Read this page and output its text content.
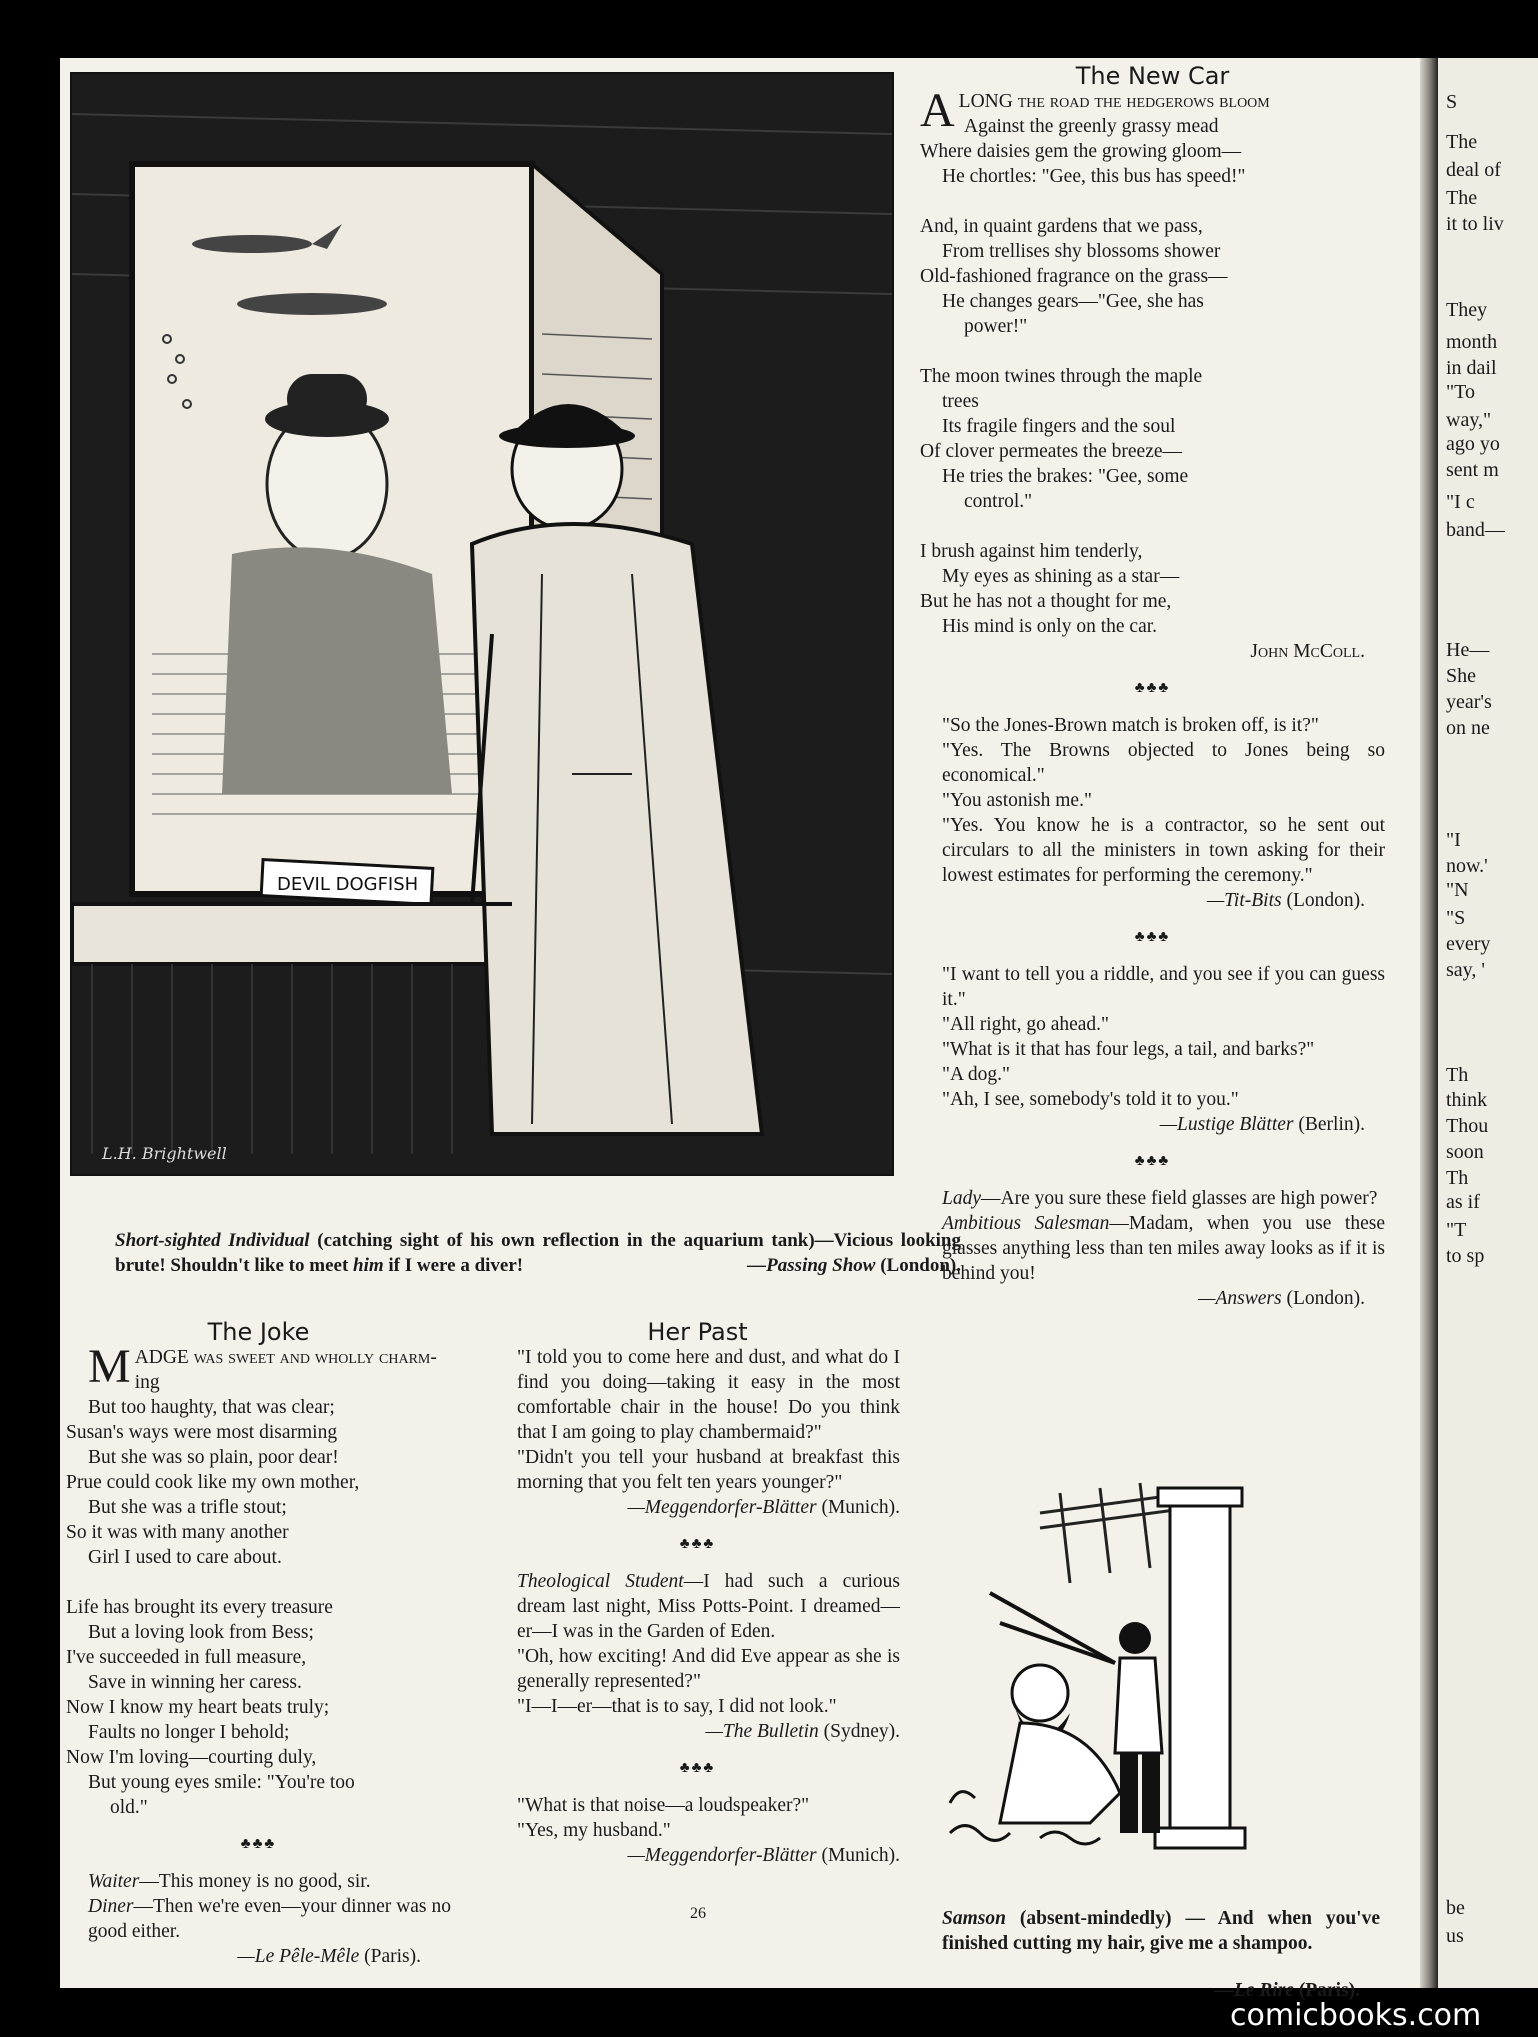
DEVIL DOGFISH
L.H. Brightwell
Short-sighted Individual (catching sight of his own reflection in the aquarium tank)—Vicious looking brute! Shouldn't like to meet him if I were a diver!	—Passing Show (London).

The Joke

MADGE was sweet and wholly charm-

ing

But too haughty, that was clear;

Susan's ways were most disarming

But she was so plain, poor dear!

Prue could cook like my own mother,

But she was a trifle stout;

So it was with many another

Girl I used to care about.

Life has brought its every treasure

But a loving look from Bess;

I've succeeded in full measure,

Save in winning her caress.

Now I know my heart beats truly;

Faults no longer I behold;

Now I'm loving—courting duly,

But young eyes smile: "You're too

old."

♣♣♣

Waiter—This money is no good, sir.

Diner—Then we're even—your dinner was no good either.

—Le Pêle-Mêle (Paris).

Her Past

"I told you to come here and dust, and what do I find you doing—taking it easy in the most comfortable chair in the house! Do you think that I am going to play chambermaid?"

"Didn't you tell your husband at breakfast this morning that you felt ten years younger?"

—Meggendorfer-Blätter (Munich).

♣♣♣

Theological Student—I had such a curious dream last night, Miss Potts-Point. I dreamed—er—I was in the Garden of Eden.

"Oh, how exciting! And did Eve appear as she is generally represented?"

"I—I—er—that is to say, I did not look."

—The Bulletin (Sydney).

♣♣♣

"What is that noise—a loudspeaker?"

"Yes, my husband."

—Meggendorfer-Blätter (Munich).

The New Car

ALONG the road the hedgerows bloom

Against the greenly grassy mead

Where daisies gem the growing gloom—

He chortles: "Gee, this bus has speed!"

And, in quaint gardens that we pass,

From trellises shy blossoms shower

Old-fashioned fragrance on the grass—

He changes gears—"Gee, she has

power!"

The moon twines through the maple

trees

Its fragile fingers and the soul

Of clover permeates the breeze—

He tries the brakes: "Gee, some

control."

I brush against him tenderly,

My eyes as shining as a star—

But he has not a thought for me,

His mind is only on the car.

John McColl.

♣♣♣

"So the Jones-Brown match is broken off, is it?"

"Yes. The Browns objected to Jones being so economical."

"You astonish me."

"Yes. You know he is a contractor, so he sent out circulars to all the ministers in town asking for their lowest estimates for performing the ceremony."

—Tit-Bits (London).

♣♣♣

"I want to tell you a riddle, and you see if you can guess it."

"All right, go ahead."

"What is it that has four legs, a tail, and barks?"

"A dog."

"Ah, I see, somebody's told it to you."

—Lustige Blätter (Berlin).

♣♣♣

Lady—Are you sure these field glasses are high power?

Ambitious Salesman—Madam, when you use these glasses anything less than ten miles away looks as if it is behind you!

—Answers (London).

Samson (absent-mindedly) — And when you've finished cutting my hair, give me a shampoo.

—Le Rire (Paris).

S
The
deal of
The
it to liv
They
month
in dail
"To
way,"
ago yo
sent m
"I c
band—
He—
She
year's
on ne
"I
now.'
"N
"S
every
say, '
Th
think
Thou
soon
Th
as if
"T
to sp
be
us
26
comicbooks.com
